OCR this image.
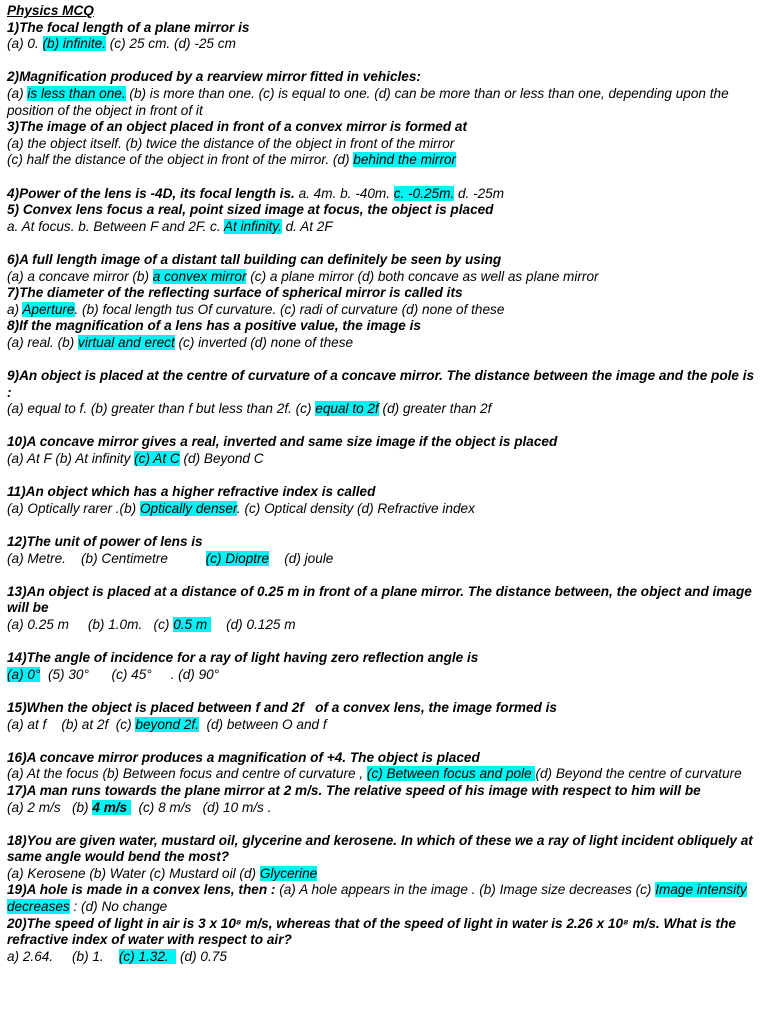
Physics MCQ
1)The focal length of a plane mirror is
(a) 0. (b) infinite. (c) 25 cm. (d) -25 cm
2)Magnification produced by a rearview mirror fitted in vehicles:
(a) is less than one. (b) is more than one. (c) is equal to one. (d) can be more than or less than one, depending upon the position of the object in front of it
3)The image of an object placed in front of a convex mirror is formed at
(a) the object itself. (b) twice the distance of the object in front of the mirror
(c) half the distance of the object in front of the mirror. (d) behind the mirror
4)Power of the lens is -4D, its focal length is. a. 4m. b. -40m. c. -0.25m. d. -25m
5) Convex lens focus a real, point sized image at focus, the object is placed
a. At focus. b. Between F and 2F. c. At infinity. d. At 2F
6)A full length image of a distant tall building can definitely be seen by using
(a) a concave mirror (b) a convex mirror (c) a plane mirror (d) both concave as well as plane mirror
7)The diameter of the reflecting surface of spherical mirror is called its
a) Aperture. (b) focal length tus Of curvature. (c) radi of curvature (d) none of these
8)If the magnification of a lens has a positive value, the image is
(a) real. (b) virtual and erect (c) inverted (d) none of these
9)An object is placed at the centre of curvature of a concave mirror. The distance between the image and the pole is :
(a) equal to f. (b) greater than f but less than 2f. (c) equal to 2f (d) greater than 2f
10)A concave mirror gives a real, inverted and same size image if the object is placed
(a) At F (b) At infinity (c) At C (d) Beyond C
11)An object which has a higher refractive index is called
(a) Optically rarer .(b) Optically denser. (c) Optical density (d) Refractive index
12)The unit of power of lens is
(a) Metre.    (b) Centimetre          (c) Dioptre    (d) joule
13)An object is placed at a distance of 0.25 m in front of a plane mirror. The distance between, the object and image will be
(a) 0.25 m     (b) 1.0m.   (c) 0.5 m     (d) 0.125 m
14)The angle of incidence for a ray of light having zero reflection angle is
(a) 0°  (5) 30°      (c) 45°     . (d) 90°
15)When the object is placed between f and 2f   of a convex lens, the image formed is
(a) at f    (b) at 2f  (c) beyond 2f.  (d) between O and f
16)A concave mirror produces a magnification of +4. The object is placed
(a) At the focus (b) Between focus and centre of curvature , (c) Between focus and pole (d) Beyond the centre of curvature
17)A man runs towards the plane mirror at 2 m/s. The relative speed of his image with respect to him will be
(a) 2 m/s   (b) 4 m/s   (c) 8 m/s   (d) 10 m/s .
18)You are given water, mustard oil, glycerine and kerosene. In which of these we a ray of light incident obliquely at same angle would bend the most?
(a) Kerosene (b) Water (c) Mustard oil (d) Glycerine
19)A hole is made in a convex lens, then : (a) A hole appears in the image . (b) Image size decreases (c) Image intensity decreases : (d) No change
20)The speed of light in air is 3 x 10⁸ m/s, whereas that of the speed of light in water is 2.26 x 10⁸ m/s. What is the refractive index of water with respect to air?
a) 2.64.     (b) 1.    (c) 1.32.   (d) 0.75
